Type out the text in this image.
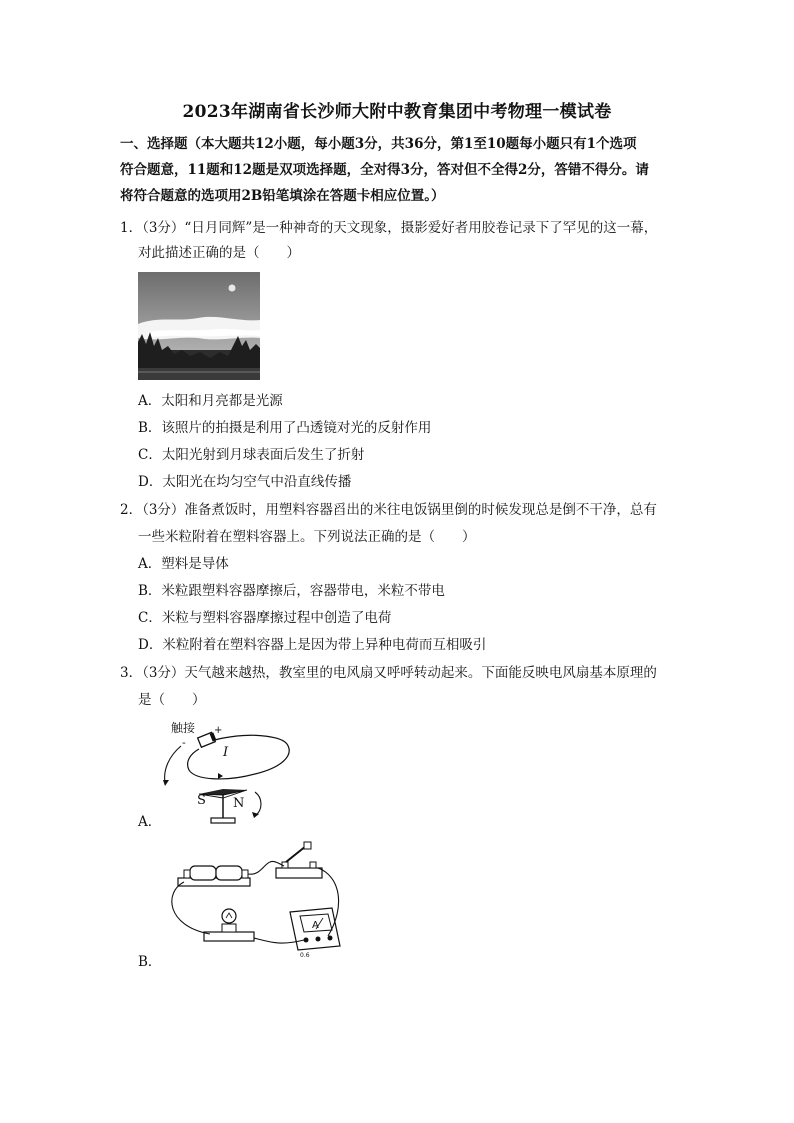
2023年湖南省长沙师大附中教育集团中考物理一模试卷
一、选择题（本大题共12小题，每小题3分，共36分，第1至10题每小题只有1个选项
符合题意，11题和12题是双项选择题，全对得3分，答对但不全得2分，答错不得分。请
将符合题意的选项用2B铅笔填涂在答题卡相应位置。）
1．（3分）“日月同辉”是一种神奇的天文现象，摄影爱好者用胶卷记录下了罕见的这一幕，
对此描述正确的是（　　）
A．太阳和月亮都是光源
B．该照片的拍摄是利用了凸透镜对光的反射作用
C．太阳光射到月球表面后发生了折射
D．太阳光在均匀空气中沿直线传播
2．（3分）准备煮饭时，用塑料容器舀出的米往电饭锅里倒的时候发现总是倒不干净，总有
一些米粒附着在塑料容器上。下列说法正确的是（　　）
A．塑料是导体
B．米粒跟塑料容器摩擦后，容器带电，米粒不带电
C．米粒与塑料容器摩擦过程中创造了电荷
D．米粒附着在塑料容器上是因为带上异种电荷而互相吸引
3．（3分）天气越来越热，教室里的电风扇又呼呼转动起来。下面能反映电风扇基本原理的
是（　　）
触接 +
-
I
S N
A．
A
0.6
B．
